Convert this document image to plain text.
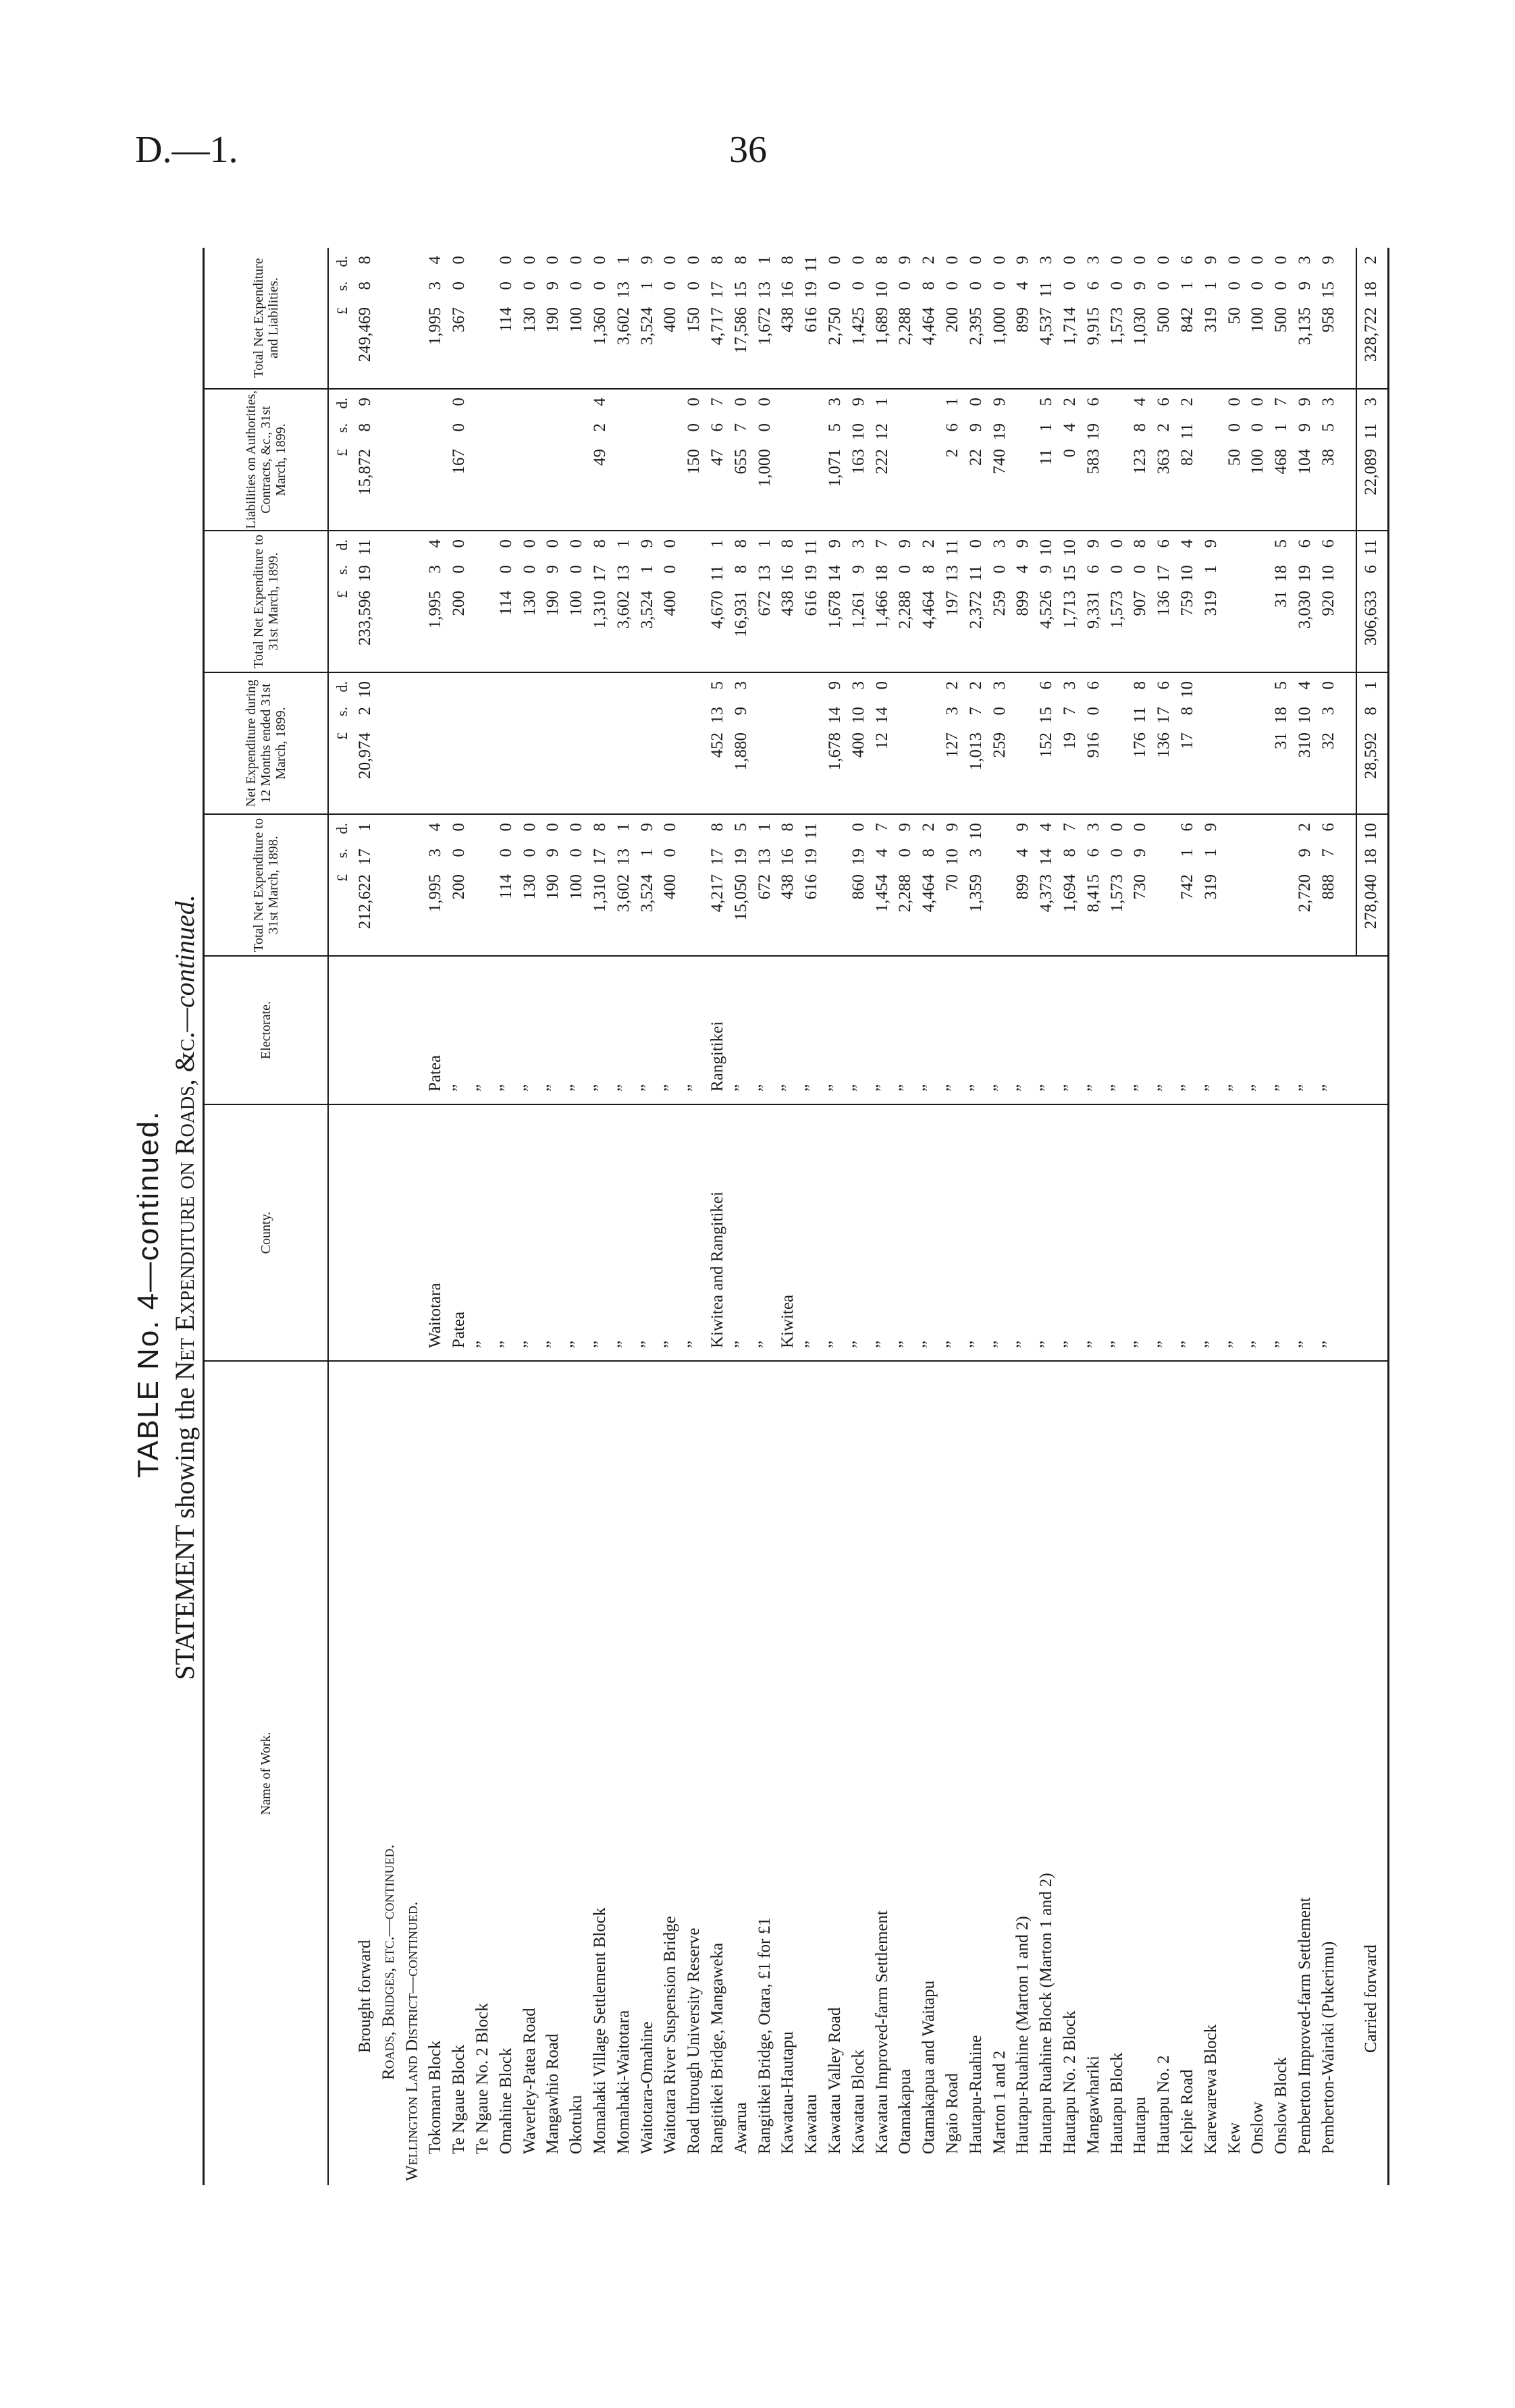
D.—1.	36
TABLE No. 4—continued.
STATEMENT showing the Net Expenditure on Roads, &c.—continued.
Name of Work.
County.
Electorate.
Total Net Expenditure to 31st March, 1898.
Net Expenditure during 12 Months ended 31st March, 1899.
Total Net Expenditure to 31st March, 1899.
Liabilities on Authorities, Contracts, &c., 31st March, 1899.
Total Net Expenditure and Liabilities.
£
s.
d.
£
s.
d.
£
s.
d.
£
s.
d.
£
s.
d.
Brought forward
212,622
17
1
20,974
2
10
233,596
19
11
15,872
8
9
249,469
8
8
Roads, Bridges, etc.—continued. Wellington Land District—continued. Tokomaru Block
Waitotara
Patea
1,995
3
4
1,995
3
4
1,995
3
4
Te Ngaue Block
Patea
”
200
0
0
200
0
0
167
0
0
367
0
0
Te Ngaue No. 2 Block
”
”
Omahine Block
”
”
114
0
0
114
0
0
114
0
0
Waverley-Patea Road
”
”
130
0
0
130
0
0
130
0
0
Mangawhio Road
”
”
190
9
0
190
9
0
190
9
0
Okotuku
”
”
100
0
0
100
0
0
100
0
0
Momahaki Village Settlement Block
”
”
1,310
17
8
1,310
17
8
49
2
4
1,360
0
0
Momahaki-Waitotara
”
”
3,602
13
1
3,602
13
1
3,602
13
1
Waitotara-Omahine
”
”
3,524
1
9
3,524
1
9
3,524
1
9
Waitotara River Suspension Bridge
”
”
400
0
0
400
0
0
400
0
0
Road through University Reserve
”
”
150
0
0
150
0
0
Rangitikei Bridge, Mangaweka
Kiwitea and Rangitikei
Rangitikei
4,217
17
8
452
13
5
4,670
11
1
47
6
7
4,717
17
8
Awarua
”
”
15,050
19
5
1,880
9
3
16,931
8
8
655
7
0
17,586
15
8
Rangitikei Bridge, Otara, £1 for £1
”
”
672
13
1
672
13
1
1,000
0
0
1,672
13
1
Kawatau-Hautapu
Kiwitea
”
438
16
8
438
16
8
438
16
8
Kawatau
”
”
616
19
11
616
19
11
616
19
11
Kawatau Valley Road
”
”
1,678
14
9
1,678
14
9
1,071
5
3
2,750
0
0
Kawatau Block
”
”
860
19
0
400
10
3
1,261
9
3
163
10
9
1,425
0
0
Kawatau Improved-farm Settlement
”
”
1,454
4
7
12
14
0
1,466
18
7
222
12
1
1,689
10
8
Otamakapua
”
”
2,288
0
9
2,288
0
9
2,288
0
9
Otamakapua and Waitapu
”
”
4,464
8
2
4,464
8
2
4,464
8
2
Ngaio Road
”
”
70
10
9
127
3
2
197
13
11
2
6
1
200
0
0
Hautapu-Ruahine
”
”
1,359
3
10
1,013
7
2
2,372
11
0
22
9
0
2,395
0
0
Marton 1 and 2
”
”
259
0
3
259
0
3
740
19
9
1,000
0
0
Hautapu-Ruahine (Marton 1 and 2)
”
”
899
4
9
899
4
9
899
4
9
Hautapu Ruahine Block (Marton 1 and 2)
”
”
4,373
14
4
152
15
6
4,526
9
10
11
1
5
4,537
11
3
Hautapu No. 2 Block
”
”
1,694
8
7
19
7
3
1,713
15
10
0
4
2
1,714
0
0
Mangawhariki
”
”
8,415
6
3
916
0
6
9,331
6
9
583
19
6
9,915
6
3
Hautapu Block
”
”
1,573
0
0
1,573
0
0
1,573
0
0
Hautapu
”
”
730
9
0
176
11
8
907
0
8
123
8
4
1,030
9
0
Hautapu No. 2
”
”
136
17
6
136
17
6
363
2
6
500
0
0
Kelpie Road
”
”
742
1
6
17
8
10
759
10
4
82
11
2
842
1
6
Karewarewa Block
”
”
319
1
9
319
1
9
319
1
9
Kew
”
”
50
0
0
50
0
0
Onslow
”
”
100
0
0
100
0
0
Onslow Block
”
”
31
18
5
31
18
5
468
1
7
500
0
0
Pemberton Improved-farm Settlement
”
”
2,720
9
2
310
10
4
3,030
19
6
104
9
9
3,135
9
3
Pemberton-Wairaki (Pukerimu)
”
”
888
7
6
32
3
0
920
10
6
38
5
3
958
15
9
Carried forward
278,040
18
10
28,592
8
1
306,633
6
11
22,089
11
3
328,722
18
2
